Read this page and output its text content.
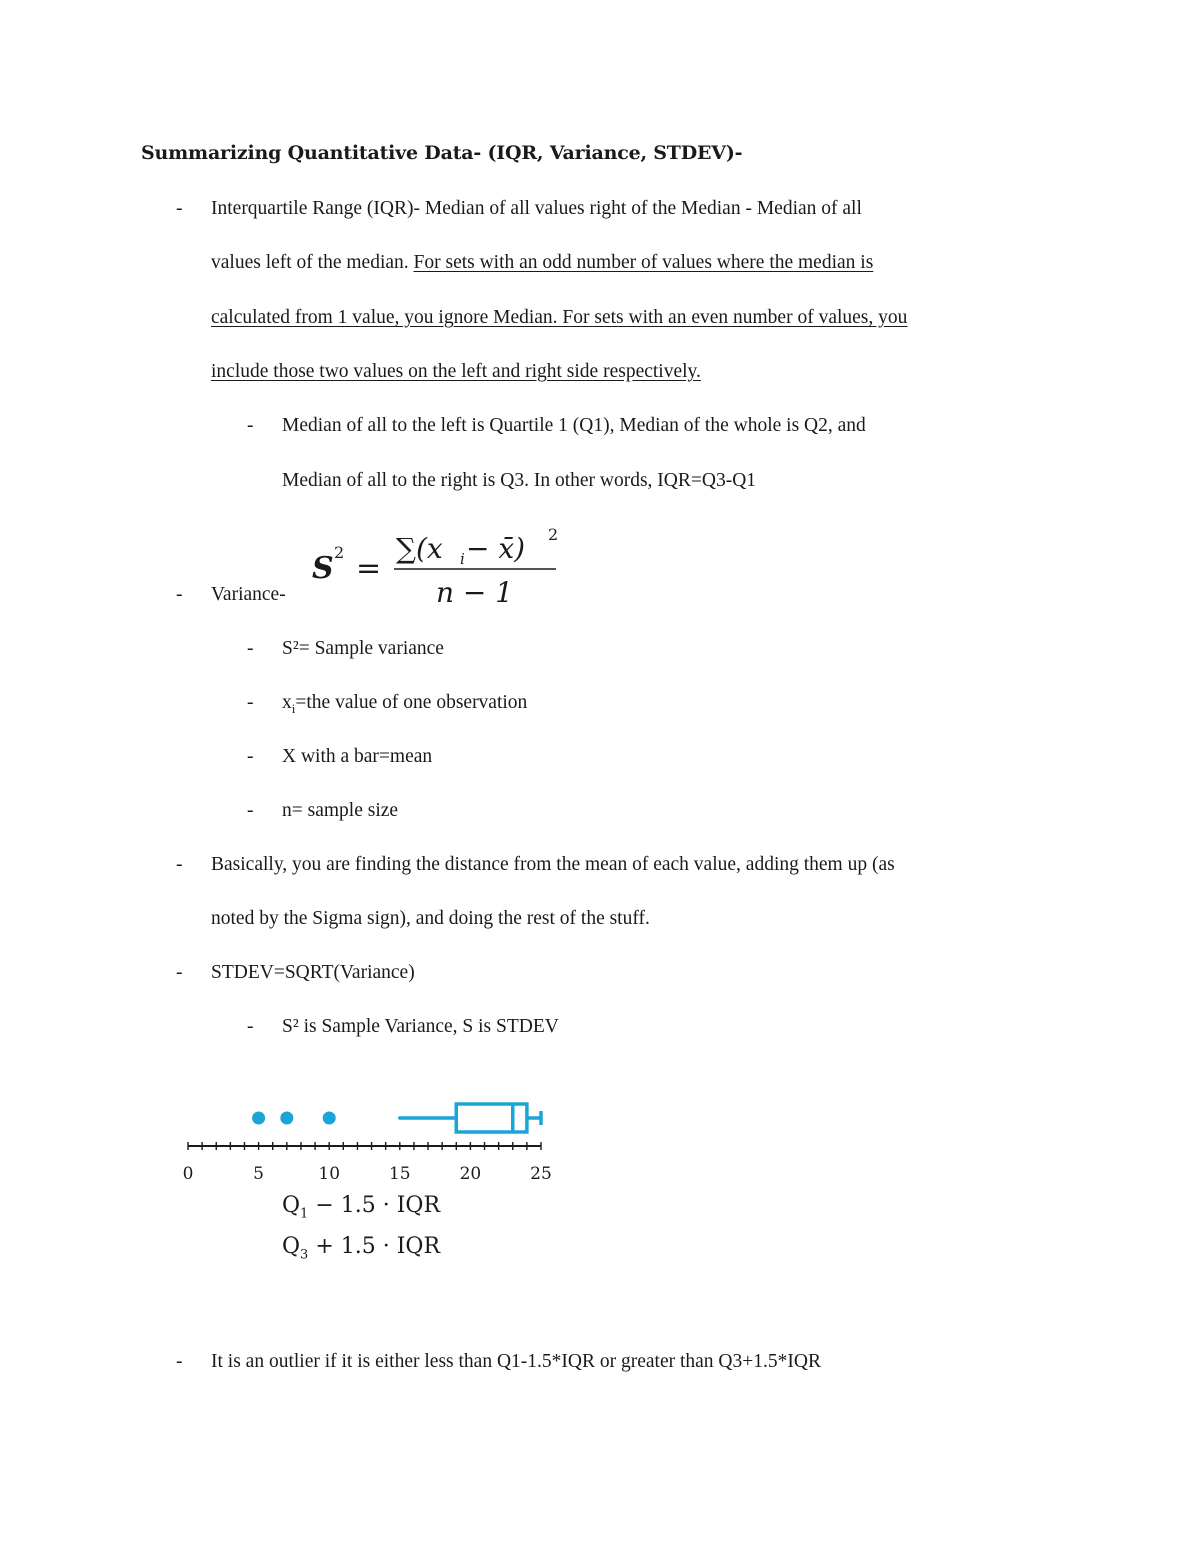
Summarizing Quantitative Data- (IQR, Variance, STDEV)-
- Interquartile Range (IQR)- Median of all values right of the Median - Median of all
values left of the median. For sets with an odd number of values where the median is
calculated from 1 value, you ignore Median. For sets with an even number of values, you
include those two values on the left and right side respectively.
- Median of all to the left is Quartile 1 (Q1), Median of the whole is Q2, and
Median of all to the right is Q3. In other words, IQR=Q3-Q1
S 2 =
∑(x i − x̄) 2
n − 1
- Variance-
- S²= Sample variance
- $x_i=the$ value of one observation
- X with a bar=mean
- n= sample size
- Basically, you are finding the distance from the mean of each value, adding them up (as
noted by the Sigma sign), and doing the rest of the stuff.
- STDEV=SQRT(Variance)
- S² is Sample Variance, S is STDEV
0	5	10	15	20	25
$Q_1 - 1.5$ · IQR
$Q_3 + 1.5$ · IQR
- It is an outlier if it is either less than Q1-1.5*IQR or greater than Q3+1.5*IQR
